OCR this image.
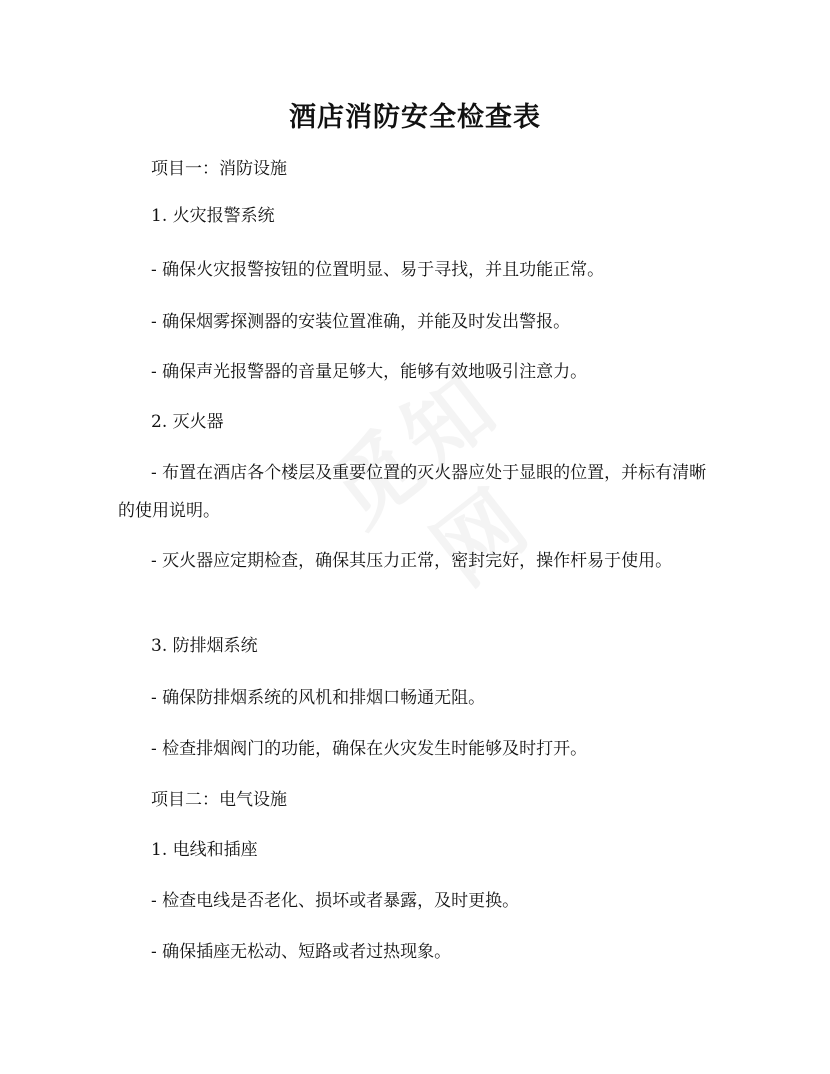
酒店消防安全检查表
项目一：消防设施
1. 火灾报警系统
- 确保火灾报警按钮的位置明显、易于寻找，并且功能正常。
- 确保烟雾探测器的安装位置准确，并能及时发出警报。
- 确保声光报警器的音量足够大，能够有效地吸引注意力。
2. 灭火器
- 布置在酒店各个楼层及重要位置的灭火器应处于显眼的位置，并标有清晰的使用说明。
- 灭火器应定期检查，确保其压力正常，密封完好，操作杆易于使用。
3. 防排烟系统
- 确保防排烟系统的风机和排烟口畅通无阻。
- 检查排烟阀门的功能，确保在火灾发生时能够及时打开。
项目二：电气设施
1. 电线和插座
- 检查电线是否老化、损坏或者暴露，及时更换。
- 确保插座无松动、短路或者过热现象。
